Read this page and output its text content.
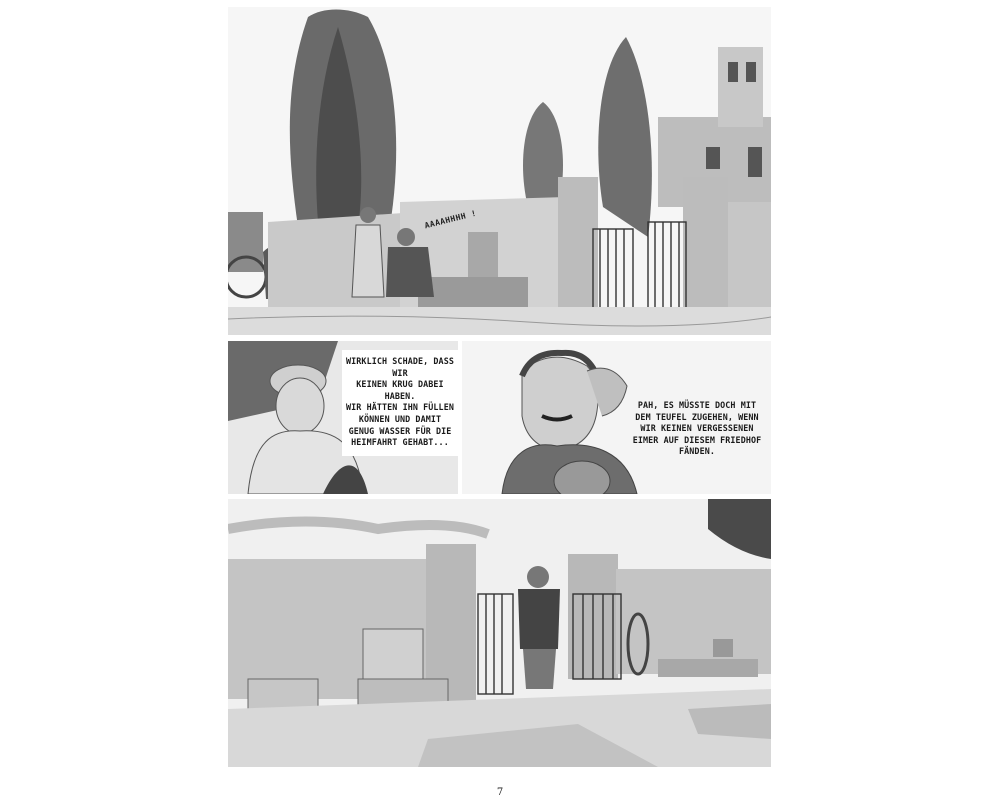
AAAAHHHH !
WIRKLICH SCHADE, DASS WIR
KEINEN KRUG DABEI HABEN.
WIR HÄTTEN IHN FÜLLEN
KÖNNEN UND DAMIT
GENUG WASSER FÜR DIE
HEIMFAHRT GEHABT...
PAH, ES MÜSSTE DOCH MIT
DEM TEUFEL ZUGEHEN, WENN
WIR KEINEN VERGESSENEN
EIMER AUF DIESEM FRIEDHOF
FÄNDEN.
7
